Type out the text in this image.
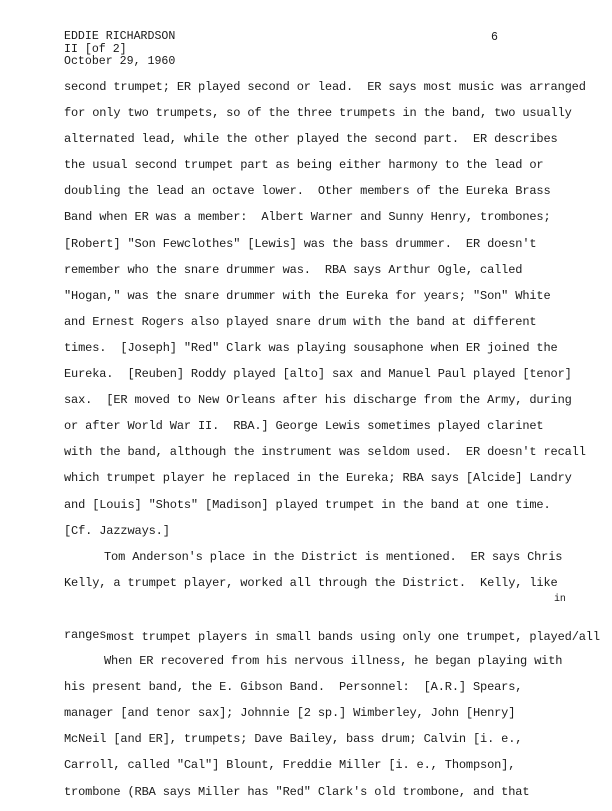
EDDIE RICHARDSON
II [of 2]
October 29, 1960
6
second trumpet; ER played second or lead.  ER says most music was arranged
for only two trumpets, so of the three trumpets in the band, two usually
alternated lead, while the other played the second part.  ER describes
the usual second trumpet part as being either harmony to the lead or
doubling the lead an octave lower.  Other members of the Eureka Brass
Band when ER was a member:  Albert Warner and Sunny Henry, trombones;
[Robert] "Son Fewclothes" [Lewis] was the bass drummer.  ER doesn't
remember who the snare drummer was.  RBA says Arthur Ogle, called
"Hogan," was the snare drummer with the Eureka for years; "Son" White
and Ernest Rogers also played snare drum with the band at different
times.  [Joseph] "Red" Clark was playing sousaphone when ER joined the
Eureka.  [Reuben] Roddy played [alto] sax and Manuel Paul played [tenor]
sax.  [ER moved to New Orleans after his discharge from the Army, during
or after World War II.  RBA.] George Lewis sometimes played clarinet
with the band, although the instrument was seldom used.  ER doesn't recall
which trumpet player he replaced in the Eureka; RBA says [Alcide] Landry
and [Louis] "Shots" [Madison] played trumpet in the band at one time.
[Cf. Jazzways.]
Tom Anderson's place in the District is mentioned.  ER says Chris
Kelly, a trumpet player, worked all through the District.  Kelly, like

in

most trumpet players in small bands using only one trumpet, played/all

ranges.
When ER recovered from his nervous illness, he began playing with
his present band, the E. Gibson Band.  Personnel:  [A.R.] Spears,
manager [and tenor sax]; Johnnie [2 sp.] Wimberley, John [Henry]
McNeil [and ER], trumpets; Dave Bailey, bass drum; Calvin [i. e.,
Carroll, called "Cal"] Blount, Freddie Miller [i. e., Thompson],
trombone (RBA says Miller has "Red" Clark's old trombone, and that
